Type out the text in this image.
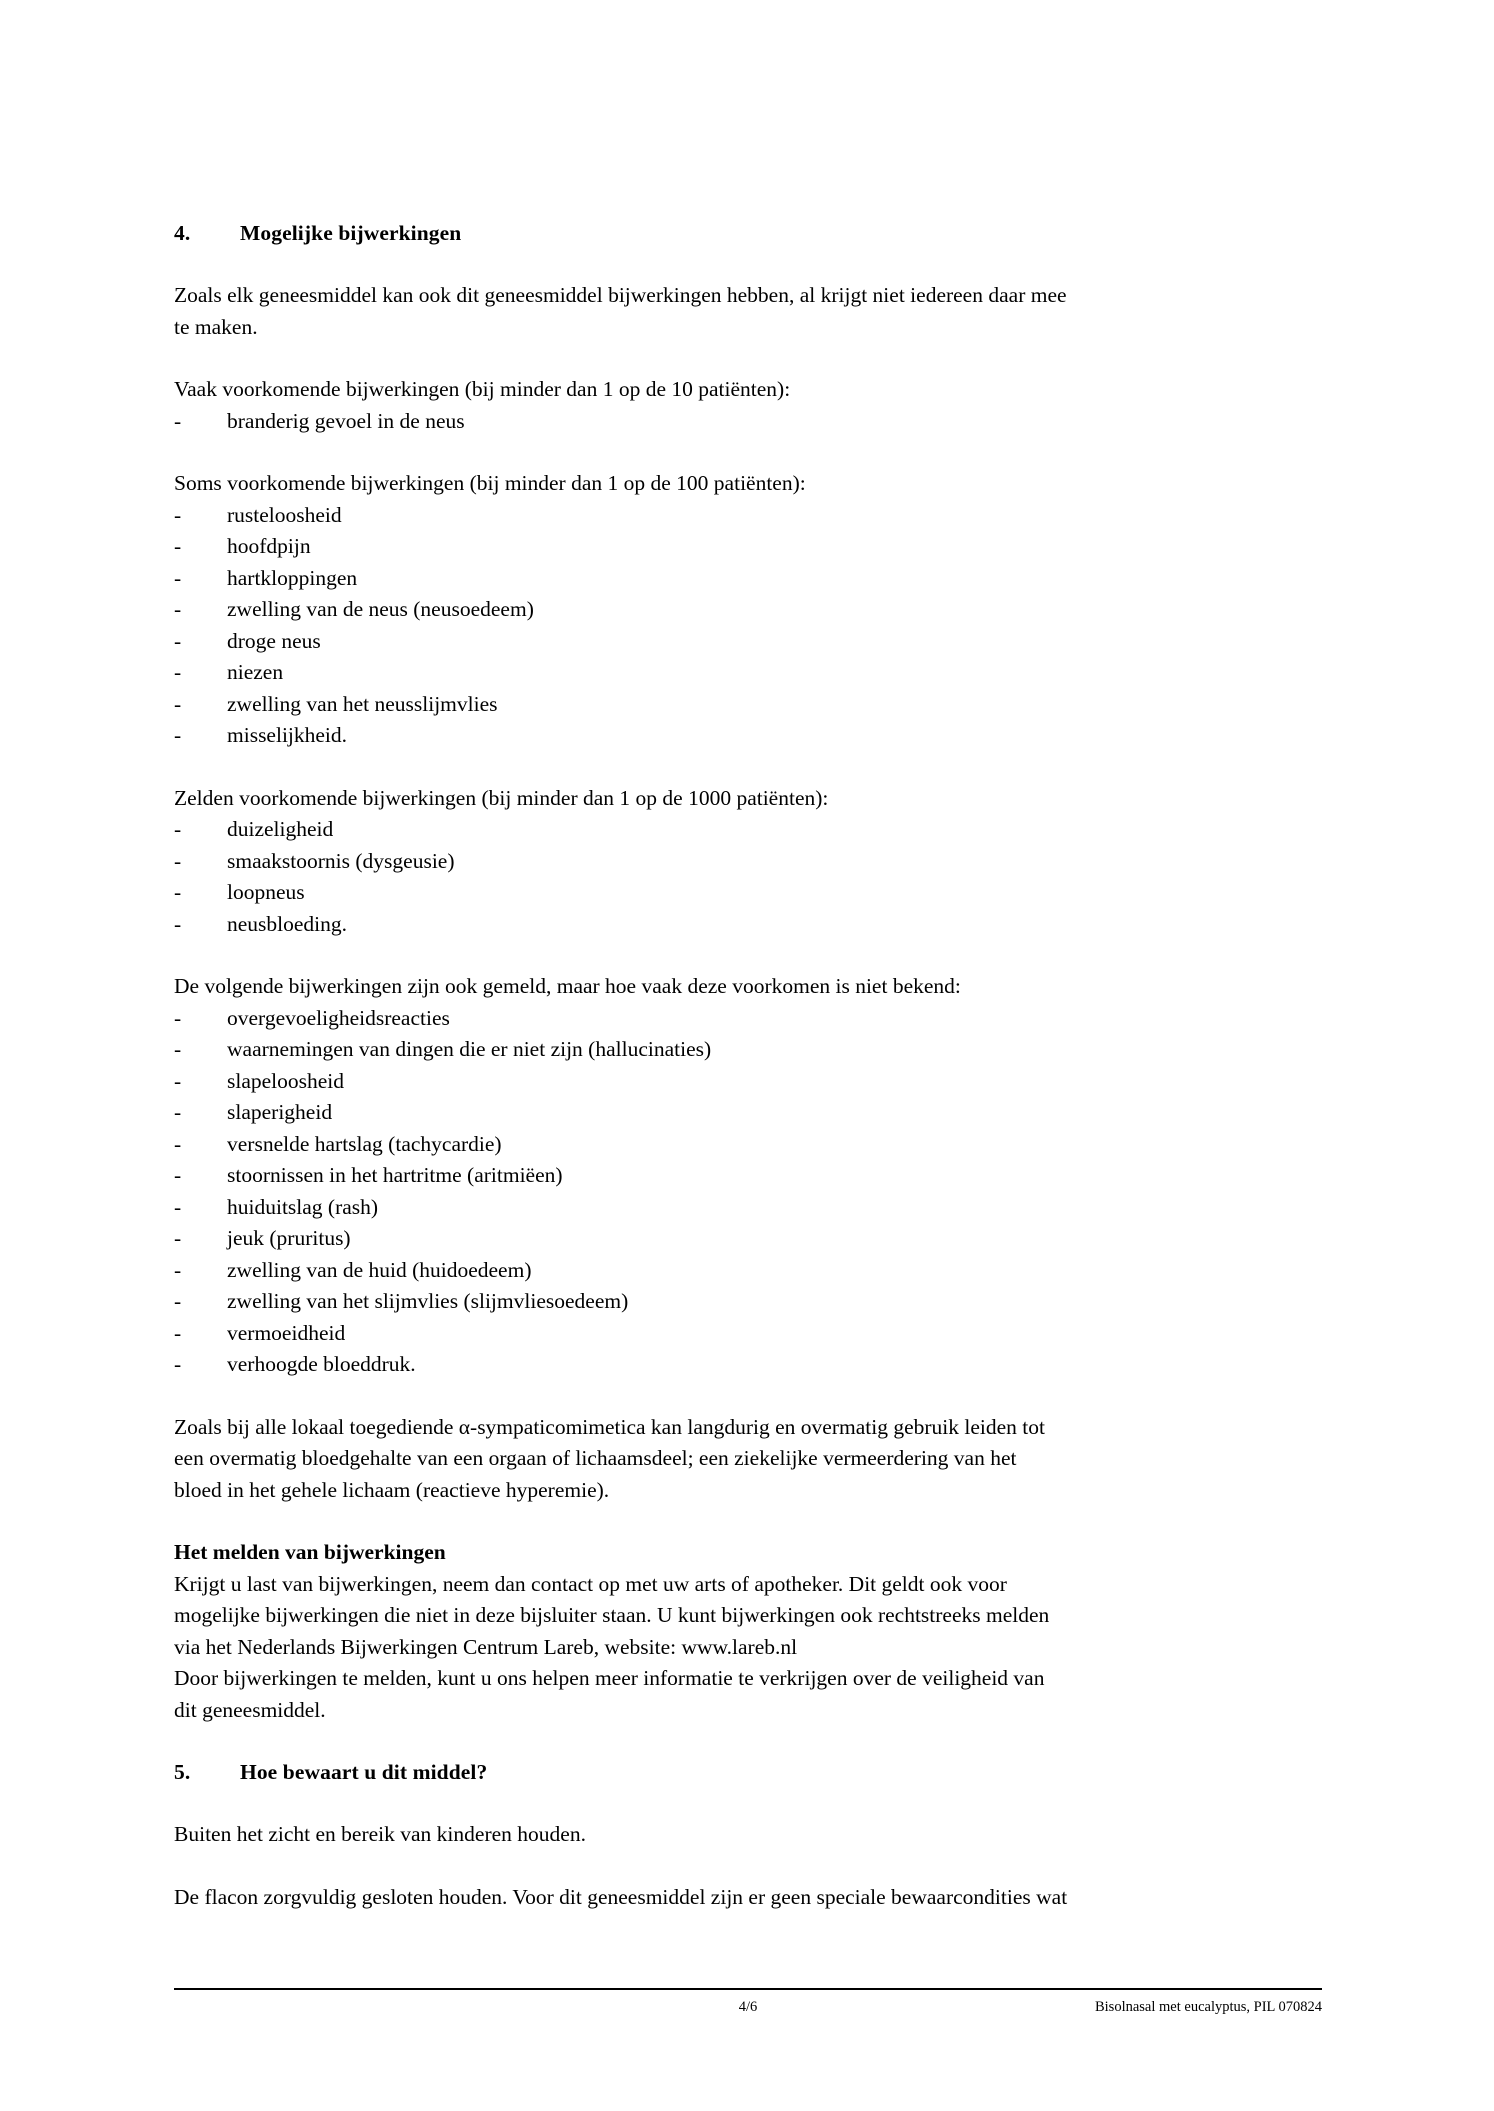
4. Mogelijke bijwerkingen

Zoals elk geneesmiddel kan ook dit geneesmiddel bijwerkingen hebben, al krijgt niet iedereen daar mee
te maken.

Vaak voorkomende bijwerkingen (bij minder dan 1 op de 10 patiënten):

- branderig gevoel in de neus

Soms voorkomende bijwerkingen (bij minder dan 1 op de 100 patiënten):

- rusteloosheid
- hoofdpijn
- hartkloppingen
- zwelling van de neus (neusoedeem)
- droge neus
- niezen
- zwelling van het neusslijmvlies
- misselijkheid.

Zelden voorkomende bijwerkingen (bij minder dan 1 op de 1000 patiënten):

- duizeligheid
- smaakstoornis (dysgeusie)
- loopneus
- neusbloeding.

De volgende bijwerkingen zijn ook gemeld, maar hoe vaak deze voorkomen is niet bekend:

- overgevoeligheidsreacties
- waarnemingen van dingen die er niet zijn (hallucinaties)
- slapeloosheid
- slaperigheid
- versnelde hartslag (tachycardie)
- stoornissen in het hartritme (aritmiëen)
- huiduitslag (rash)
- jeuk (pruritus)
- zwelling van de huid (huidoedeem)
- zwelling van het slijmvlies (slijmvliesoedeem)
- vermoeidheid
- verhoogde bloeddruk.

Zoals bij alle lokaal toegediende α-sympaticomimetica kan langdurig en overmatig gebruik leiden tot
een overmatig bloedgehalte van een orgaan of lichaamsdeel; een ziekelijke vermeerdering van het
bloed in het gehele lichaam (reactieve hyperemie).

Het melden van bijwerkingen

Krijgt u last van bijwerkingen, neem dan contact op met uw arts of apotheker. Dit geldt ook voor
mogelijke bijwerkingen die niet in deze bijsluiter staan. U kunt bijwerkingen ook rechtstreeks melden
via het Nederlands Bijwerkingen Centrum Lareb, website: www.lareb.nl
Door bijwerkingen te melden, kunt u ons helpen meer informatie te verkrijgen over de veiligheid van
dit geneesmiddel.

5. Hoe bewaart u dit middel?

Buiten het zicht en bereik van kinderen houden.

De flacon zorgvuldig gesloten houden. Voor dit geneesmiddel zijn er geen speciale bewaarcondities wat

4/6	Bisolnasal met eucalyptus, PIL 070824
